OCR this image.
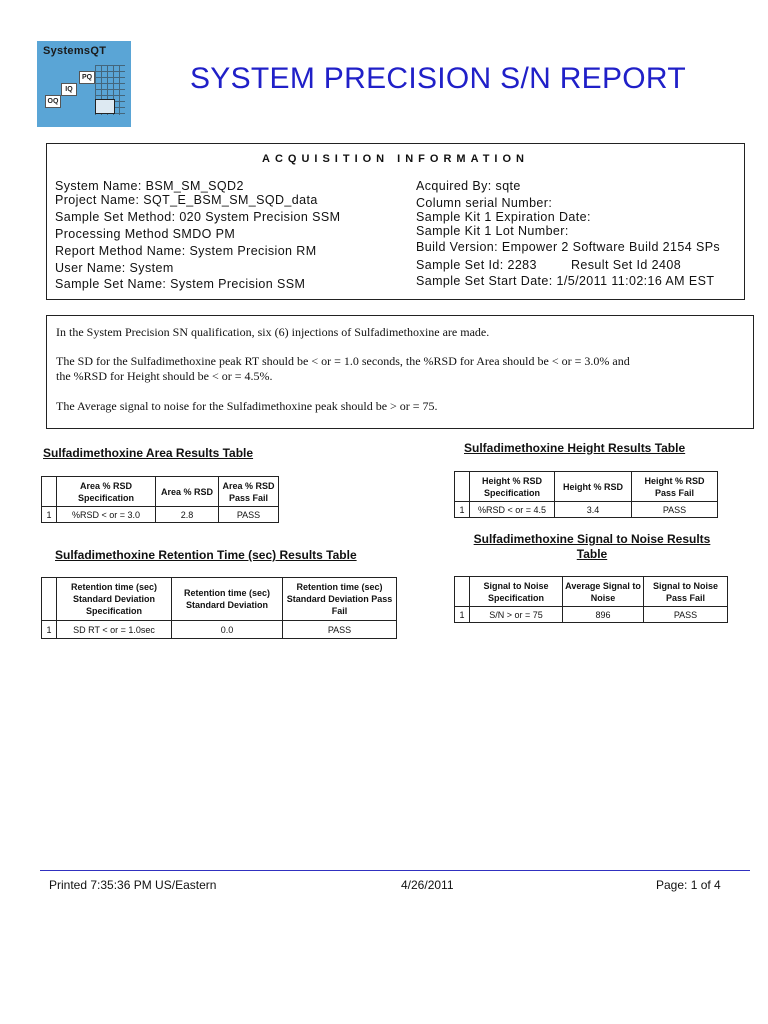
SystemsQT
PQ
IQ
OQ
SYSTEM PRECISION S/N REPORT
ACQUISITION INFORMATION
System Name: BSM_SM_SQD2
Project Name: SQT_E_BSM_SM_SQD_data
Sample Set Method: 020 System Precision SSM
Processing Method SMDO PM
Report Method Name: System Precision RM
User Name: System
Sample Set Name: System Precision SSM
Acquired By: sqte
Column serial Number:
Sample Kit 1 Expiration Date:
Sample Kit 1 Lot Number:
Build Version: Empower 2 Software Build 2154 SPs
Sample Set Id: 2283	Result Set Id 2408
Sample Set Start Date: 1/5/2011 11:02:16 AM EST
In the System Precision SN qualification, six (6) injections of Sulfadimethoxine are made.
The SD for the Sulfadimethoxine peak RT should be < or = 1.0 seconds, the %RSD for Area should be < or = 3.0% and
the %RSD for Height should be < or = 4.5%.
The Average signal to noise for the Sulfadimethoxine peak should be > or = 75.
Sulfadimethoxine Area Results Table
	Area % RSD Specification	Area % RSD	Area % RSD Pass Fail
1	%RSD < or = 3.0	2.8	PASS
Sulfadimethoxine Height Results Table
	Height % RSD Specification	Height % RSD	Height % RSD Pass Fail
1	%RSD < or = 4.5	3.4	PASS
Sulfadimethoxine Retention Time (sec) Results Table
	Retention time (sec) Standard Deviation Specification	Retention time (sec) Standard Deviation	Retention time (sec) Standard Deviation Pass Fail
1	SD RT < or = 1.0sec	0.0	PASS
Sulfadimethoxine Signal to Noise Results
Table
	Signal to Noise Specification	Average Signal to Noise	Signal to Noise Pass Fail
1	S/N > or = 75	896	PASS
Printed 7:35:36 PM US/Eastern	4/26/2011	Page: 1 of 4
